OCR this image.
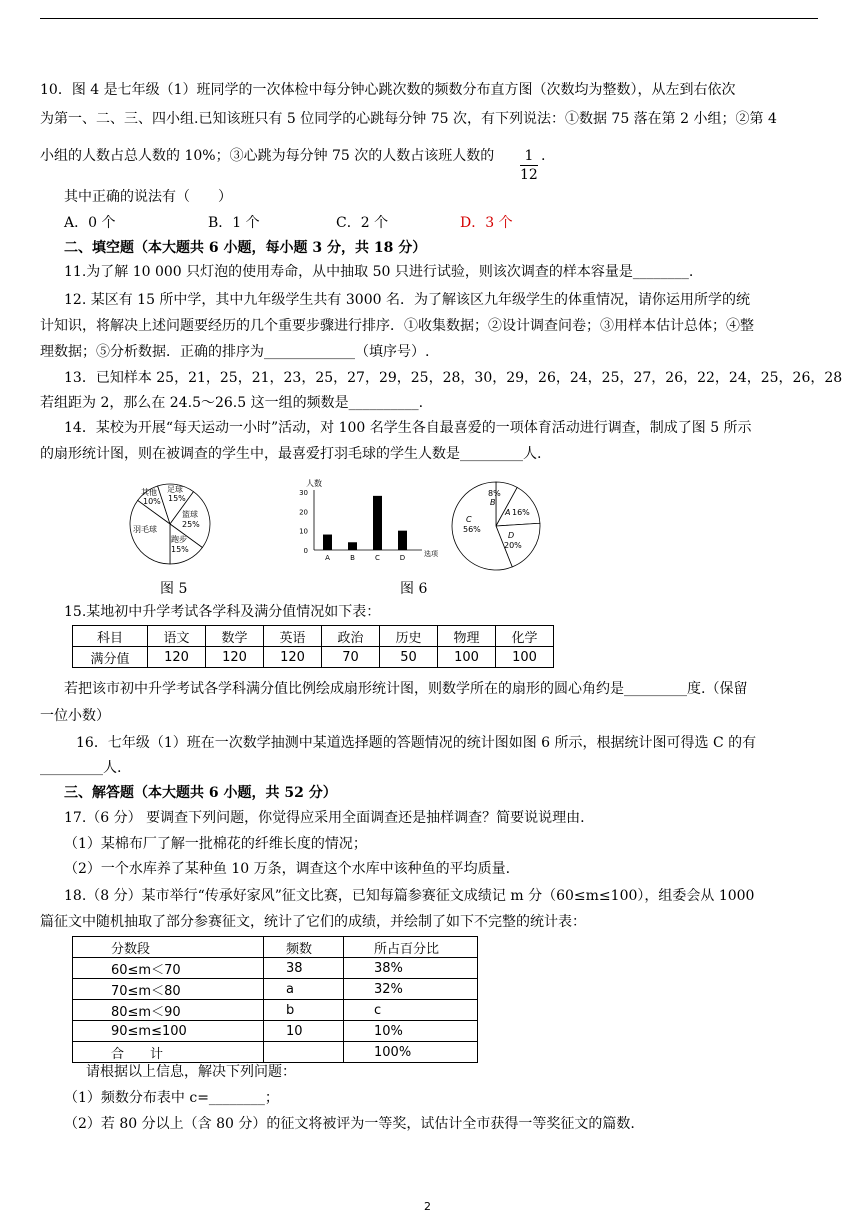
10．图 4 是七年级（1）班同学的一次体检中每分钟心跳次数的频数分布直方图（次数均为整数），从左到右依次
为第一、二、三、四小组.已知该班只有 5 位同学的心跳每分钟 75 次，有下列说法：①数据 75 落在第 2 小组；②第 4
小组的人数占总人数的 10%；③心跳为每分钟 75 次的人数占该班人数的	1
12
.
其中正确的说法有（　　）
A．0 个	B．1 个	C．2 个	D．3 个
二、填空题（本大题共 6 小题，每小题 3 分，共 18 分）
11.为了解 10 000 只灯泡的使用寿命，从中抽取 50 只进行试验，则该次调查的样本容量是________.
12. 某区有 15 所中学，其中九年级学生共有 3000 名．为了解该区九年级学生的体重情况，请你运用所学的统
计知识，将解决上述问题要经历的几个重要步骤进行排序．①收集数据；②设计调查问卷；③用样本估计总体；④整
理数据；⑤分析数据．正确的排序为_____________（填序号）.
13．已知样本 25，21，25，21，23，25，27，29，25，28，30，29，26，24，25，27，26，22，24，25，26，28
若组距为 2，那么在 24.5～26.5 这一组的频数是__________.
14．某校为开展“每天运动一小时”活动，对 100 名学生各自最喜爱的一项体育活动进行调查，制成了图 5 所示
的扇形统计图，则在被调查的学生中，最喜爱打羽毛球的学生人数是_________人.
其他
10%
足球
15%
篮球
25%
跑步
15%
羽毛球
图 5
人数
0
10
20
30
A	B	C	D	选项
图 6
8%
B
A 16%
C
56%
D
20%
15.某地初中升学考试各学科及满分值情况如下表：
科目	语文	数学	英语	政治	历史	物理	化学
满分值	120	120	120	70	50	100	100
若把该市初中升学考试各学科满分值比例绘成扇形统计图，则数学所在的扇形的圆心角约是_________度.（保留
一位小数）
16．七年级（1）班在一次数学抽测中某道选择题的答题情况的统计图如图 6 所示，根据统计图可得选 C 的有
_________人.
三、解答题（本大题共 6 小题，共 52 分）
17.（6 分） 要调查下列问题，你觉得应采用全面调查还是抽样调查？简要说说理由.
（1）某棉布厂了解一批棉花的纤维长度的情况；
（2）一个水库养了某种鱼 10 万条，调查这个水库中该种鱼的平均质量.
18.（8 分）某市举行“传承好家风”征文比赛，已知每篇参赛征文成绩记 m 分（60≤m≤100），组委会从 1000
篇征文中随机抽取了部分参赛征文，统计了它们的成绩，并绘制了如下不完整的统计表：
分数段	频数	所占百分比
60≤m＜70	38	38%
70≤m＜80	a	32%
80≤m＜90	b	c
90≤m≤100	10	10%
合　　计		100%
请根据以上信息，解决下列问题：
（1）频数分布表中 c=________；
（2）若 80 分以上（含 80 分）的征文将被评为一等奖，试估计全市获得一等奖征文的篇数.
2
